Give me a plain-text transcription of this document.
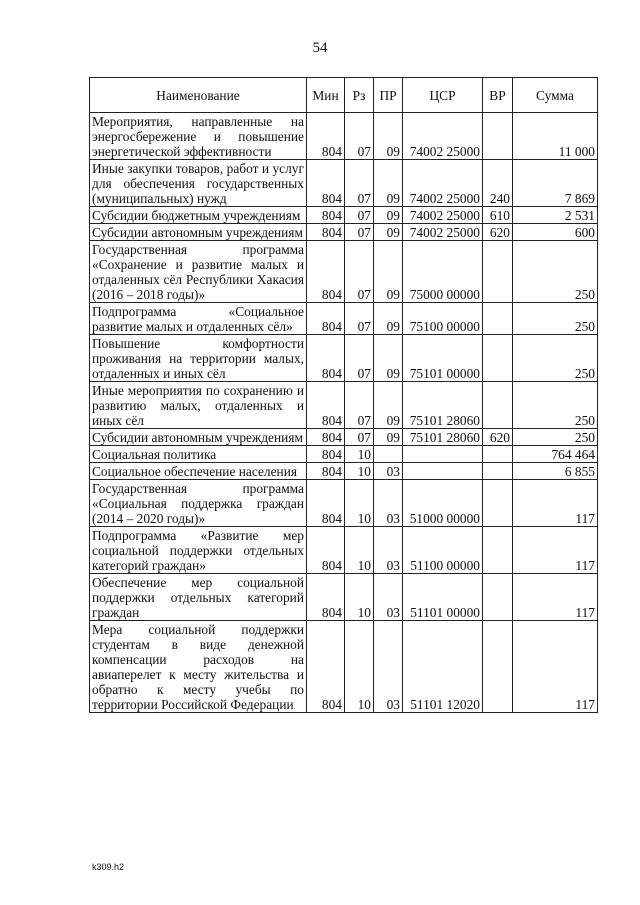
54
Наименование	Мин	Рз	ПР	ЦСР	ВР	Сумма
Мероприятия, направленные на энергосбережение и повышение энергетической эффективности	804	07	09	74002 25000		11 000
Иные закупки товаров, работ и услуг для обеспечения государственных (муниципальных) нужд	804	07	09	74002 25000	240	7 869
Субсидии бюджетным учреждениям	804	07	09	74002 25000	610	2 531
Субсидии автономным учреждениям	804	07	09	74002 25000	620	600
Государственная программа «Сохранение и развитие малых и отдаленных сёл Республики Хакасия (2016 – 2018 годы)»	804	07	09	75000 00000		250
Подпрограмма «Социальное развитие малых и отдаленных сёл»	804	07	09	75100 00000		250
Повышение комфортности проживания на территории малых, отдаленных и иных сёл	804	07	09	75101 00000		250
Иные мероприятия по сохранению и развитию малых, отдаленных и иных сёл	804	07	09	75101 28060		250
Субсидии автономным учреждениям	804	07	09	75101 28060	620	250
Социальная политика	804	10				764 464
Социальное обеспечение населения	804	10	03			6 855
Государственная программа «Социальная поддержка граждан (2014 – 2020 годы)»	804	10	03	51000 00000		117
Подпрограмма «Развитие мер социальной поддержки отдельных категорий граждан»	804	10	03	51100 00000		117
Обеспечение мер социальной поддержки отдельных категорий граждан	804	10	03	51101 00000		117
Мера социальной поддержки студентам в виде денежной компенсации расходов на авиаперелет к месту жительства и обратно к месту учебы по территории Российской Федерации	804	10	03	51101 12020		117
k309.h2
